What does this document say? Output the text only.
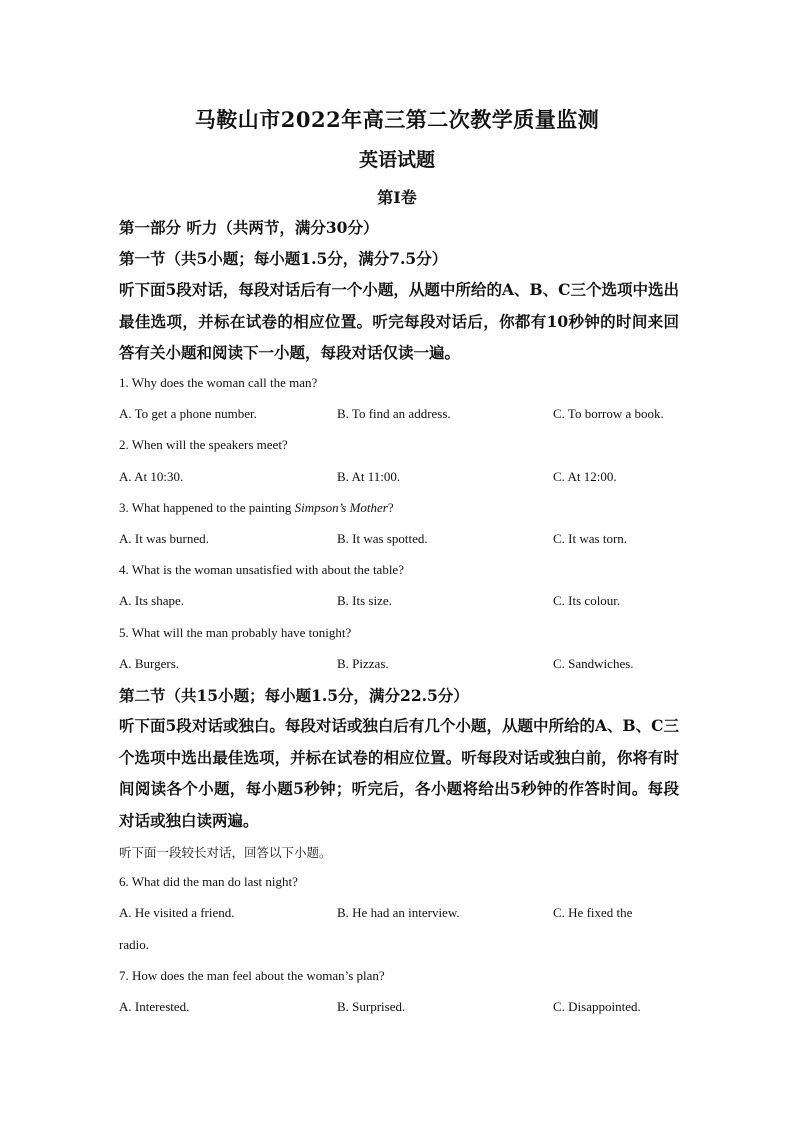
马鞍山市2022年高三第二次教学质量监测
英语试题
第I卷
第一部分 听力（共两节，满分30分）
第一节（共5小题；每小题1.5分，满分7.5分）
听下面5段对话，每段对话后有一个小题，从题中所给的A、B、C三个选项中选出最佳选项，并标在试卷的相应位置。听完每段对话后，你都有10秒钟的时间来回答有关小题和阅读下一小题，每段对话仅读一遍。
1. Why does the woman call the man?
A. To get a phone number.	B. To find an address.	C. To borrow a book.
2. When will the speakers meet?
A. At 10:30.	B. At 11:00.	C. At 12:00.
3. What happened to the painting Simpson’s Mother?
A. It was burned.	B. It was spotted.	C. It was torn.
4. What is the woman unsatisfied with about the table?
A. Its shape.	B. Its size.	C. Its colour.
5. What will the man probably have tonight?
A. Burgers.	B. Pizzas.	C. Sandwiches.
第二节（共15小题；每小题1.5分，满分22.5分）
听下面5段对话或独白。每段对话或独白后有几个小题，从题中所给的A、B、C三个选项中选出最佳选项，并标在试卷的相应位置。听每段对话或独白前，你将有时间阅读各个小题，每小题5秒钟；听完后，各小题将给出5秒钟的作答时间。每段对话或独白读两遍。
听下面一段较长对话，回答以下小题。
6. What did the man do last night?
A. He visited a friend.	B. He had an interview.	C. He fixed the
radio.
7. How does the man feel about the woman’s plan?
A. Interested.	B. Surprised.	C. Disappointed.
